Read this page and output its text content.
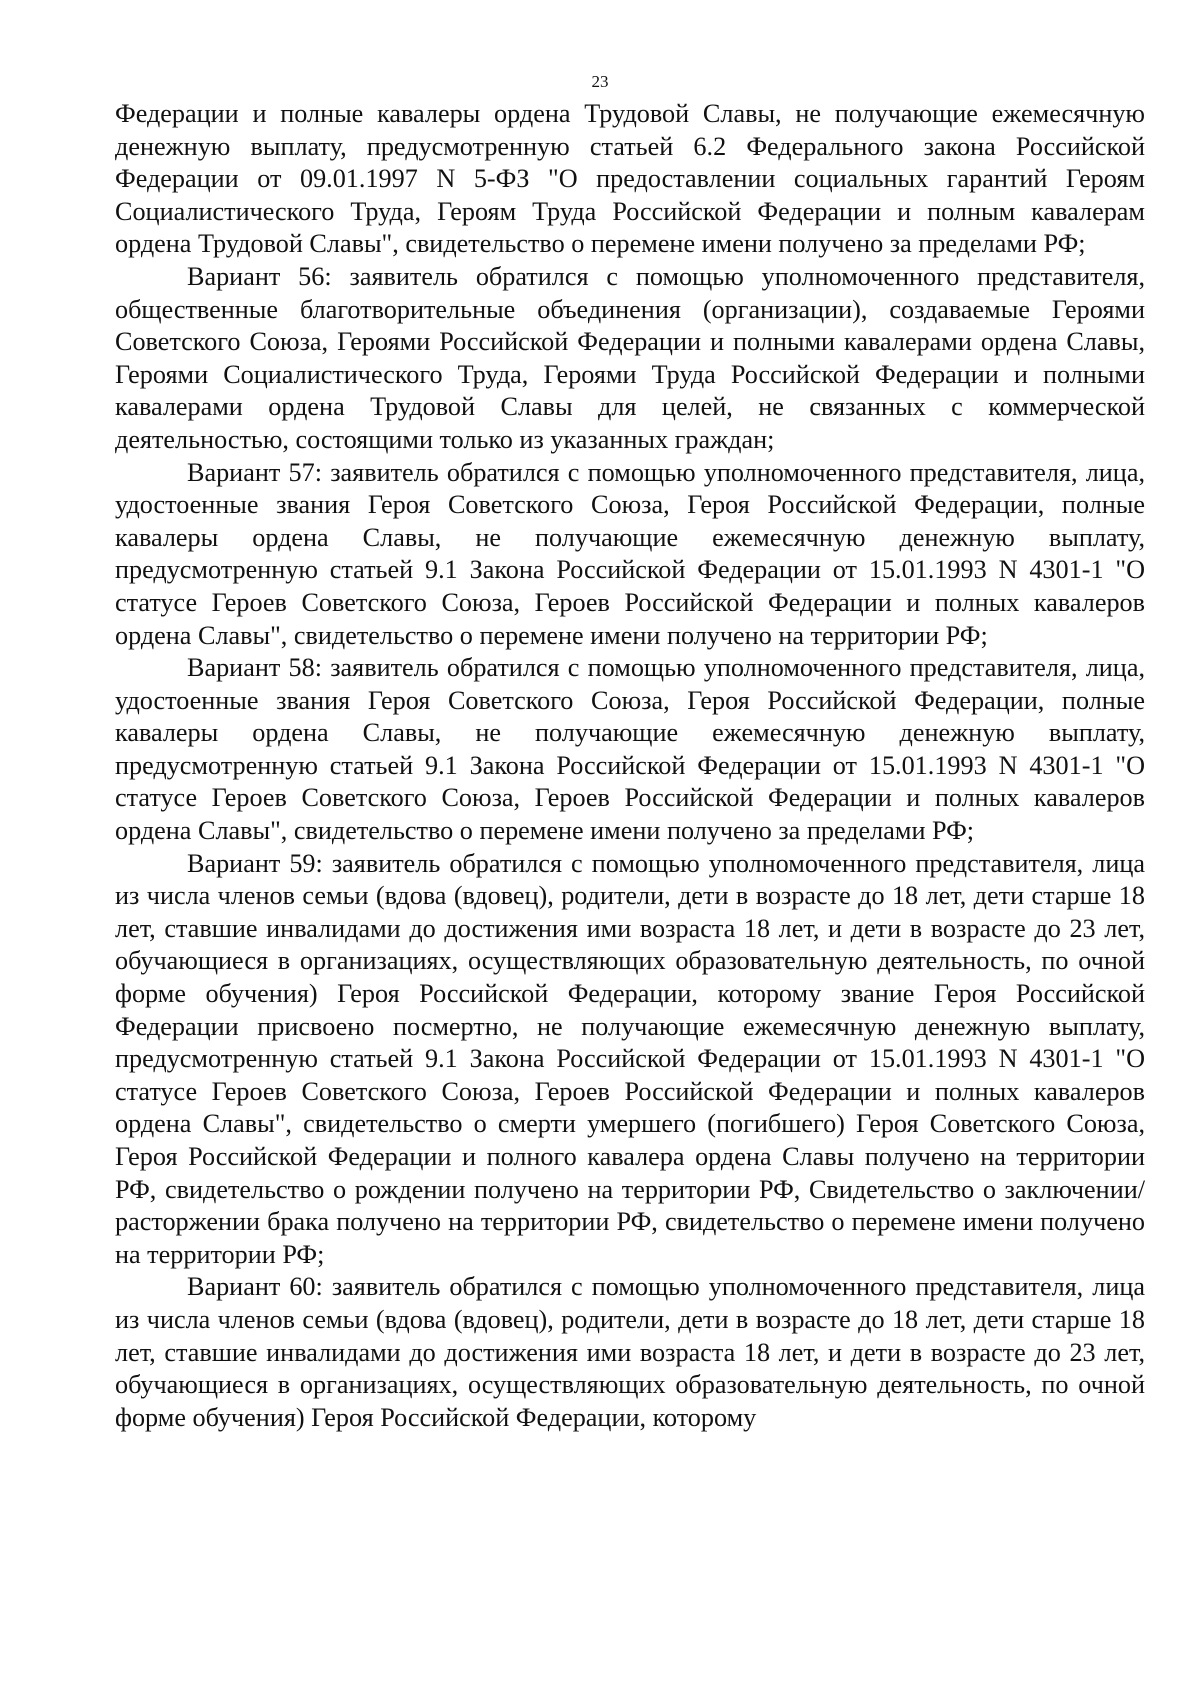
23

Федерации и полные кавалеры ордена Трудовой Славы, не получающие ежемесячную денежную выплату, предусмотренную статьей 6.2 Федерального закона Российской Федерации от 09.01.1997 N 5-ФЗ "О предоставлении социальных гарантий Героям Социалистического Труда, Героям Труда Российской Федерации и полным кавалерам ордена Трудовой Славы", свидетельство о перемене имени получено за пределами РФ;

Вариант 56: заявитель обратился с помощью уполномоченного представителя, общественные благотворительные объединения (организации), создаваемые Героями Советского Союза, Героями Российской Федерации и полными кавалерами ордена Славы, Героями Социалистического Труда, Героями Труда Российской Федерации и полными кавалерами ордена Трудовой Славы для целей, не связанных с коммерческой деятельностью, состоящими только из указанных граждан;

Вариант 57: заявитель обратился с помощью уполномоченного представителя, лица, удостоенные звания Героя Советского Союза, Героя Российской Федерации, полные кавалеры ордена Славы, не получающие ежемесячную денежную выплату, предусмотренную статьей 9.1 Закона Российской Федерации от 15.01.1993 N 4301-1 "О статусе Героев Советского Союза, Героев Российской Федерации и полных кавалеров ордена Славы", свидетельство о перемене имени получено на территории РФ;

Вариант 58: заявитель обратился с помощью уполномоченного представителя, лица, удостоенные звания Героя Советского Союза, Героя Российской Федерации, полные кавалеры ордена Славы, не получающие ежемесячную денежную выплату, предусмотренную статьей 9.1 Закона Российской Федерации от 15.01.1993 N 4301-1 "О статусе Героев Советского Союза, Героев Российской Федерации и полных кавалеров ордена Славы", свидетельство о перемене имени получено за пределами РФ;

Вариант 59: заявитель обратился с помощью уполномоченного представителя, лица из числа членов семьи (вдова (вдовец), родители, дети в возрасте до 18 лет, дети старше 18 лет, ставшие инвалидами до достижения ими возраста 18 лет, и дети в возрасте до 23 лет, обучающиеся в организациях, осуществляющих образовательную деятельность, по очной форме обучения) Героя Российской Федерации, которому звание Героя Российской Федерации присвоено посмертно, не получающие ежемесячную денежную выплату, предусмотренную статьей 9.1 Закона Российской Федерации от 15.01.1993 N 4301-1 "О статусе Героев Советского Союза, Героев Российской Федерации и полных кавалеров ордена Славы", свидетельство о смерти умершего (погибшего) Героя Советского Союза, Героя Российской Федерации и полного кавалера ордена Славы получено на территории РФ, свидетельство о рождении получено на территории РФ, Свидетельство о заключении/расторжении брака получено на территории РФ, свидетельство о перемене имени получено на территории РФ;

Вариант 60: заявитель обратился с помощью уполномоченного представителя, лица из числа членов семьи (вдова (вдовец), родители, дети в возрасте до 18 лет, дети старше 18 лет, ставшие инвалидами до достижения ими возраста 18 лет, и дети в возрасте до 23 лет, обучающиеся в организациях, осуществляющих образовательную деятельность, по очной форме обучения) Героя Российской Федерации, которому
